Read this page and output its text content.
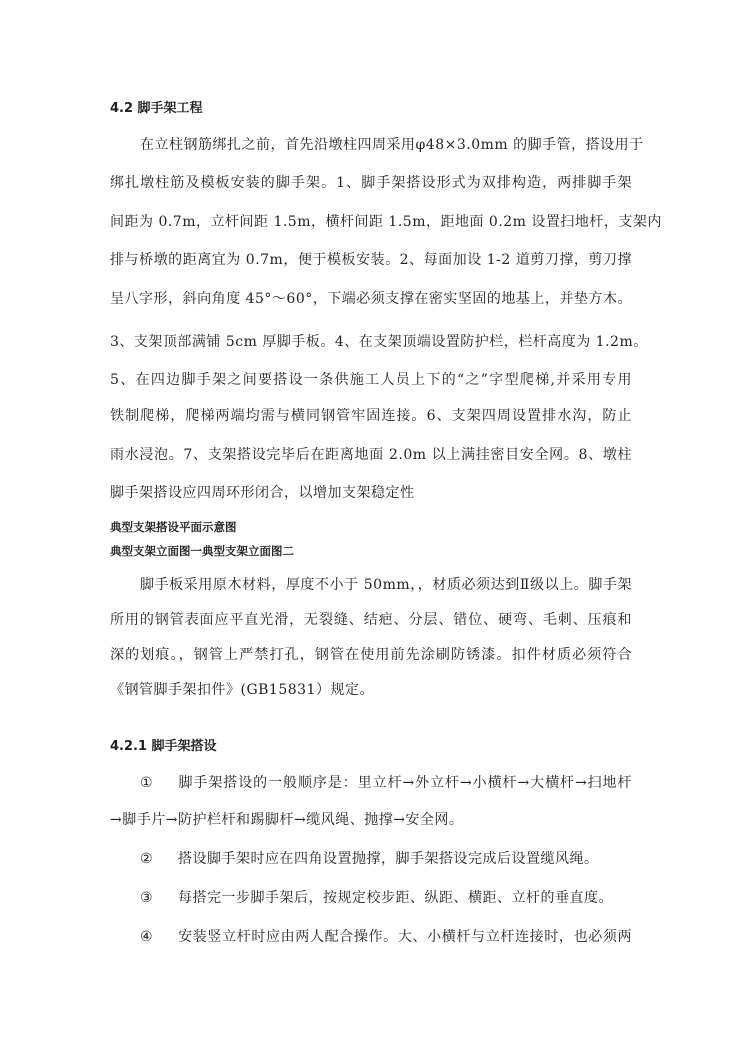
4.2 脚手架工程
在立柱钢筋绑扎之前，首先沿墩柱四周采用φ48×3.0mm 的脚手管，搭设用于
绑扎墩柱筋及模板安装的脚手架。1、脚手架搭设形式为双排构造，两排脚手架
间距为 0.7m，立杆间距 1.5m，横杆间距 1.5m，距地面 0.2m 设置扫地杆，支架内
排与桥墩的距离宜为 0.7m，便于模板安装。2、每面加设 1-2 道剪刀撑，剪刀撑
呈八字形，斜向角度 45°～60°，下端必须支撑在密实坚固的地基上，并垫方木。
3、支架顶部满铺 5cm 厚脚手板。4、在支架顶端设置防护栏，栏杆高度为 1.2m。
5、在四边脚手架之间要搭设一条供施工人员上下的“之”字型爬梯,并采用专用
铁制爬梯，爬梯两端均需与横同钢管牢固连接。6、支架四周设置排水沟，防止
雨水浸泡。7、支架搭设完毕后在距离地面 2.0m 以上满挂密目安全网。8、墩柱
脚手架搭设应四周环形闭合，以增加支架稳定性
典型支架搭设平面示意图
典型支架立面图一典型支架立面图二
脚手板采用原木材料，厚度不小于 50mm，，材质必须达到Ⅱ级以上。脚手架
所用的钢管表面应平直光滑，无裂缝、结疤、分层、错位、硬弯、毛刺、压痕和
深的划痕。，钢管上严禁打孔，钢管在使用前先涂刷防锈漆。扣件材质必须符合
《钢管脚手架扣件》(GB15831）规定。
4.2.1 脚手架搭设
① 脚手架搭设的一般顺序是：里立杆→外立杆→小横杆→大横杆→扫地杆
→脚手片→防护栏杆和踢脚杆→缆风绳、抛撑→安全网。
② 搭设脚手架时应在四角设置抛撑，脚手架搭设完成后设置缆风绳。
③ 每搭完一步脚手架后，按规定校步距、纵距、横距、立杆的垂直度。
④ 安装竖立杆时应由两人配合操作。大、小横杆与立杆连接时，也必须两
